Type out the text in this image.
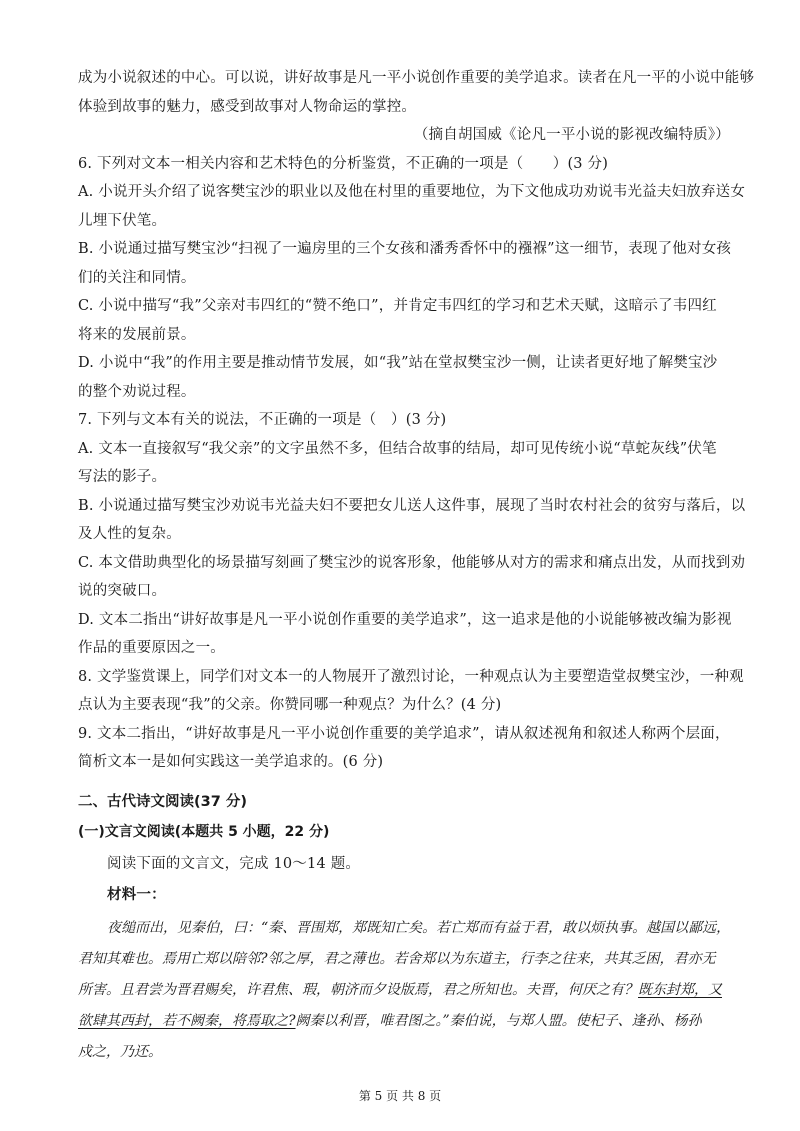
成为小说叙述的中心。可以说，讲好故事是凡一平小说创作重要的美学追求。读者在凡一平的小说中能够
体验到故事的魅力，感受到故事对人物命运的掌控。
（摘自胡国威《论凡一平小说的影视改编特质》）
6. 下列对文本一相关内容和艺术特色的分析鉴赏，不正确的一项是（　　）(3 分)
A. 小说开头介绍了说客樊宝沙的职业以及他在村里的重要地位，为下文他成功劝说韦光益夫妇放弃送女
儿埋下伏笔。
B. 小说通过描写樊宝沙“扫视了一遍房里的三个女孩和潘秀香怀中的襁褓”这一细节，表现了他对女孩
们的关注和同情。
C. 小说中描写“我”父亲对韦四红的“赞不绝口”，并肯定韦四红的学习和艺术天赋，这暗示了韦四红
将来的发展前景。
D. 小说中“我”的作用主要是推动情节发展，如“我”站在堂叔樊宝沙一侧，让读者更好地了解樊宝沙
的整个劝说过程。
7. 下列与文本有关的说法，不正确的一项是（　）(3 分)
A. 文本一直接叙写“我父亲”的文字虽然不多，但结合故事的结局，却可见传统小说“草蛇灰线”伏笔
写法的影子。
B. 小说通过描写樊宝沙劝说韦光益夫妇不要把女儿送人这件事，展现了当时农村社会的贫穷与落后，以
及人性的复杂。
C. 本文借助典型化的场景描写刻画了樊宝沙的说客形象，他能够从对方的需求和痛点出发，从而找到劝
说的突破口。
D. 文本二指出“讲好故事是凡一平小说创作重要的美学追求”，这一追求是他的小说能够被改编为影视
作品的重要原因之一。
8. 文学鉴赏课上，同学们对文本一的人物展开了激烈讨论，一种观点认为主要塑造堂叔樊宝沙，一种观
点认为主要表现“我”的父亲。你赞同哪一种观点？为什么？(4 分)
9. 文本二指出，“讲好故事是凡一平小说创作重要的美学追求”，请从叙述视角和叙述人称两个层面，
简析文本一是如何实践这一美学追求的。(6 分)
二、古代诗文阅读(37 分)
(一)文言文阅读(本题共 5 小题，22 分)
阅读下面的文言文，完成 10～14 题。
材料一：
夜缒而出，见秦伯，曰：“秦、晋围郑，郑既知亡矣。若亡郑而有益于君，敢以烦执事。越国以鄙远，
君知其难也。焉用亡郑以陪邻?邻之厚，君之薄也。若舍郑以为东道主，行李之往来，共其乏困，君亦无
所害。且君尝为晋君赐矣，许君焦、瑕，朝济而夕设版焉，君之所知也。夫晋，何厌之有？既东封郑，又
欲肆其西封，若不阙秦，将焉取之?阙秦以利晋，唯君图之。”秦伯说，与郑人盟。使杞子、逢孙、杨孙
戍之，乃还。
第 5 页 共 8 页
